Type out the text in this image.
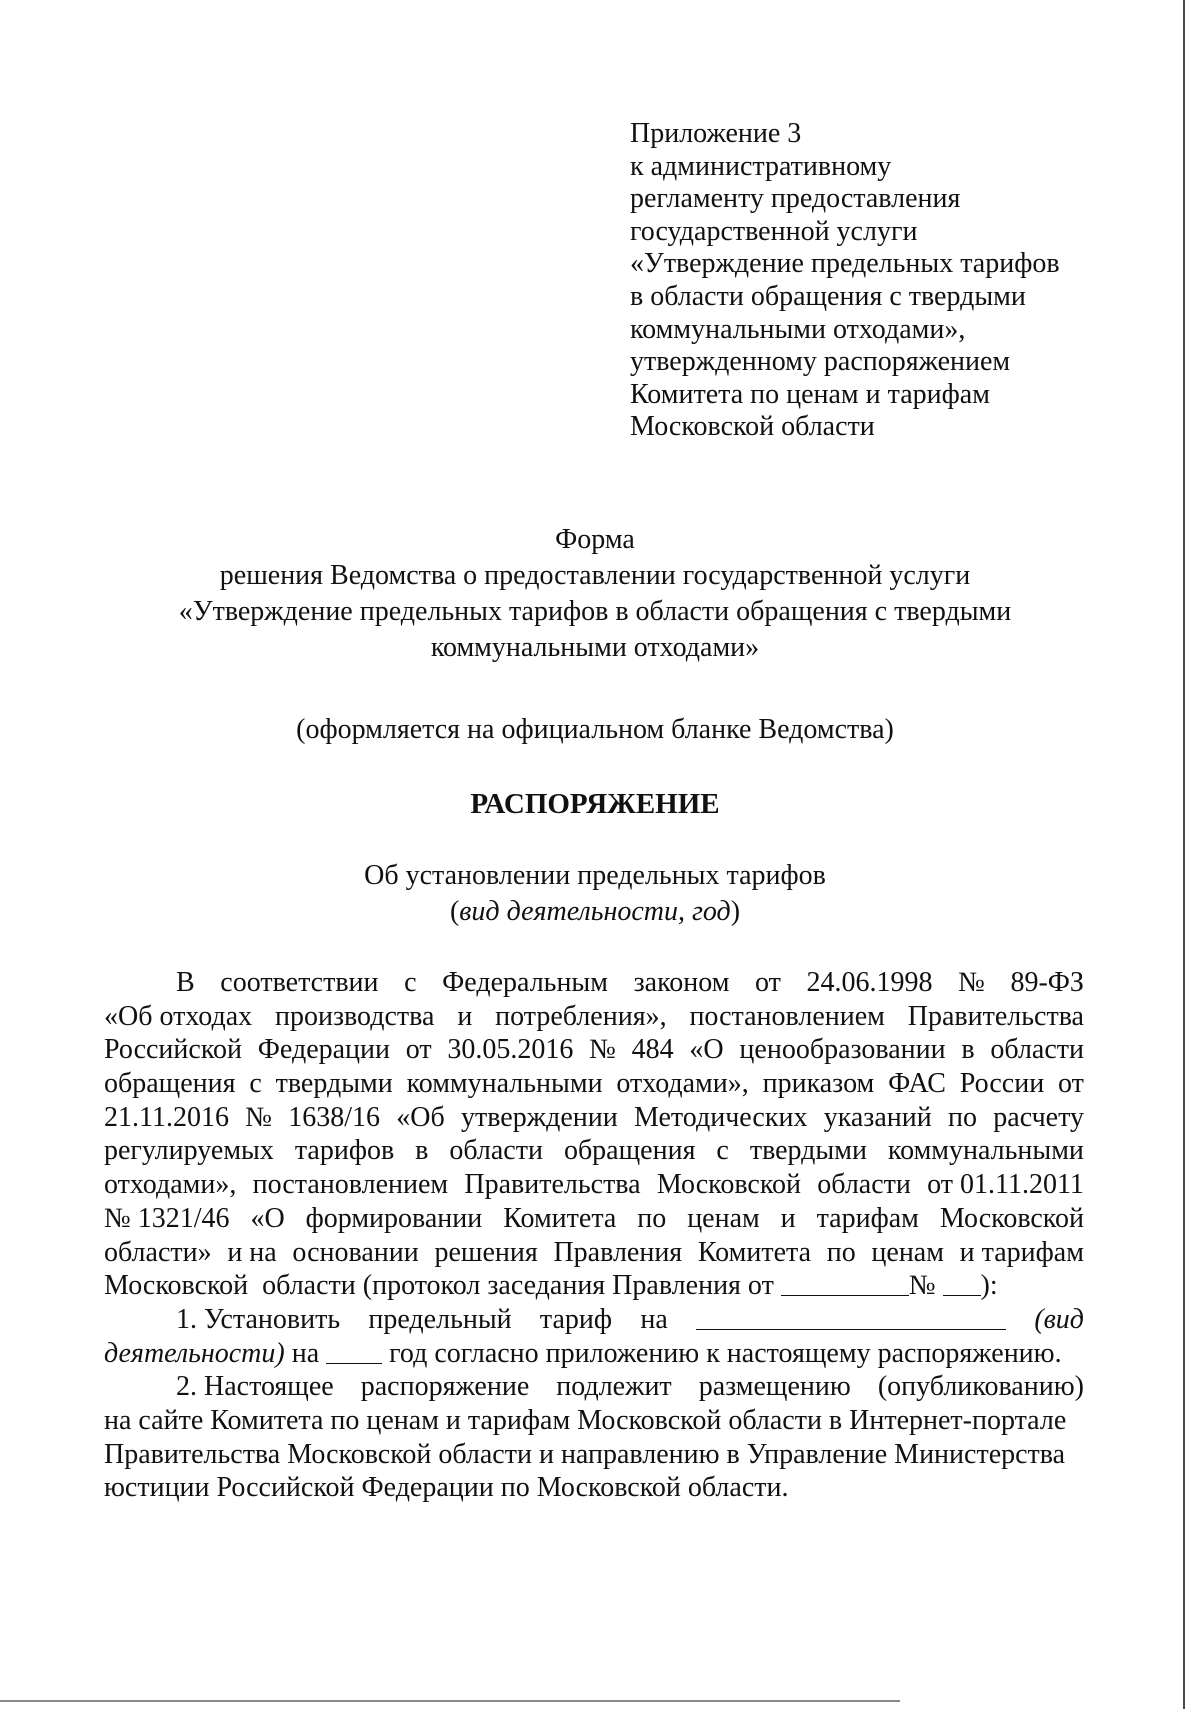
Приложение 3
к административному
регламенту предоставления
государственной услуги
«Утверждение предельных тарифов
в области обращения с твердыми
коммунальными отходами»,
утвержденному распоряжением
Комитета по ценам и тарифам
Московской области
Форма
решения Ведомства о предоставлении государственной услуги
«Утверждение предельных тарифов в области обращения с твердыми
коммунальными отходами»
(оформляется на официальном бланке Ведомства)
РАСПОРЯЖЕНИЕ
Об установлении предельных тарифов
(вид деятельности, год)
В соответствии с Федеральным законом от 24.06.1998 № 89-ФЗ
«Об отходах производства и потребления», постановлением Правительства
Российской Федерации от 30.05.2016 № 484 «О ценообразовании в области
обращения с твердыми коммунальными отходами», приказом ФАС России от
21.11.2016 № 1638/16 «Об утверждении Методических указаний по расчету
регулируемых тарифов в области обращения с твердыми коммунальными
отходами», постановлением Правительства Московской области от 01.11.2011
№ 1321/46 «О формировании Комитета по ценам и тарифам Московской
области» и на основании решения Правления Комитета по ценам и тарифам
Московской  области (протокол заседания Правления от	№ ):
1. Установить предельный тариф на	(вид
деятельности) на год согласно приложению к настоящему распоряжению.
2. Настоящее распоряжение подлежит размещению (опубликованию)
на сайте Комитета по ценам и тарифам Московской области в Интернет-портале
Правительства Московской области и направлению в Управление Министерства
юстиции Российской Федерации по Московской области.
